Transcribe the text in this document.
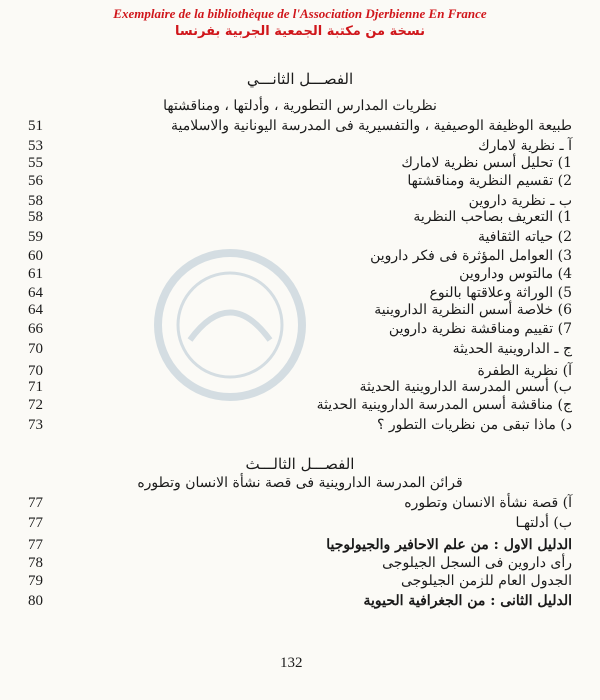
Exemplaire de la bibliothèque de l'Association Djerbienne En France
نسخة من مكتبة الجمعية الجربية بفرنسا
الفصـــل الثانـــي
نظريات المدارس التطورية ، وأدلتها ، ومناقشتها
الفصـــل الثالـــث
قرائن المدرسة الداروينية فى قصة نشأة الانسان وتطوره
132
طبيعة الوظيفة الوصيفية ، والتفسيرية فى المدرسة اليونانية والاسلامية
51
آ ـ نظرية لامارك
53
1) تحليل أسس نظرية لامارك
55
2) تقسيم النظرية ومناقشتها
56
ب ـ نظرية داروين
58
1) التعريف بصاحب النظرية
58
2) حياته الثقافية
59
3) العوامل المؤثرة فى فكر داروين
60
4) مالتوس وداروين
61
5) الوراثة وعلاقتها بالنوع
64
6) خلاصة أسس النظرية الداروينية
64
7) تقييم ومناقشة نظرية داروين
66
ج ـ الداروينية الحديثة
70
آ) نظرية الطفرة
70
ب) أسس المدرسة الداروينية الحديثة
71
ج) مناقشة أسس المدرسة الداروينية الحديثة
72
د) ماذا تبقى من نظريات التطور ؟
73
آ) قصة نشأة الانسان وتطوره
77
ب) أدلتهـا
77
الدليل الاول : من علم الاحافير والجيولوجيا
77
رأى داروين فى السجل الجيلوجى
78
الجدول العام للزمن الجيلوجى
79
الدليل الثانى : من الجغرافية الحيوية
80
